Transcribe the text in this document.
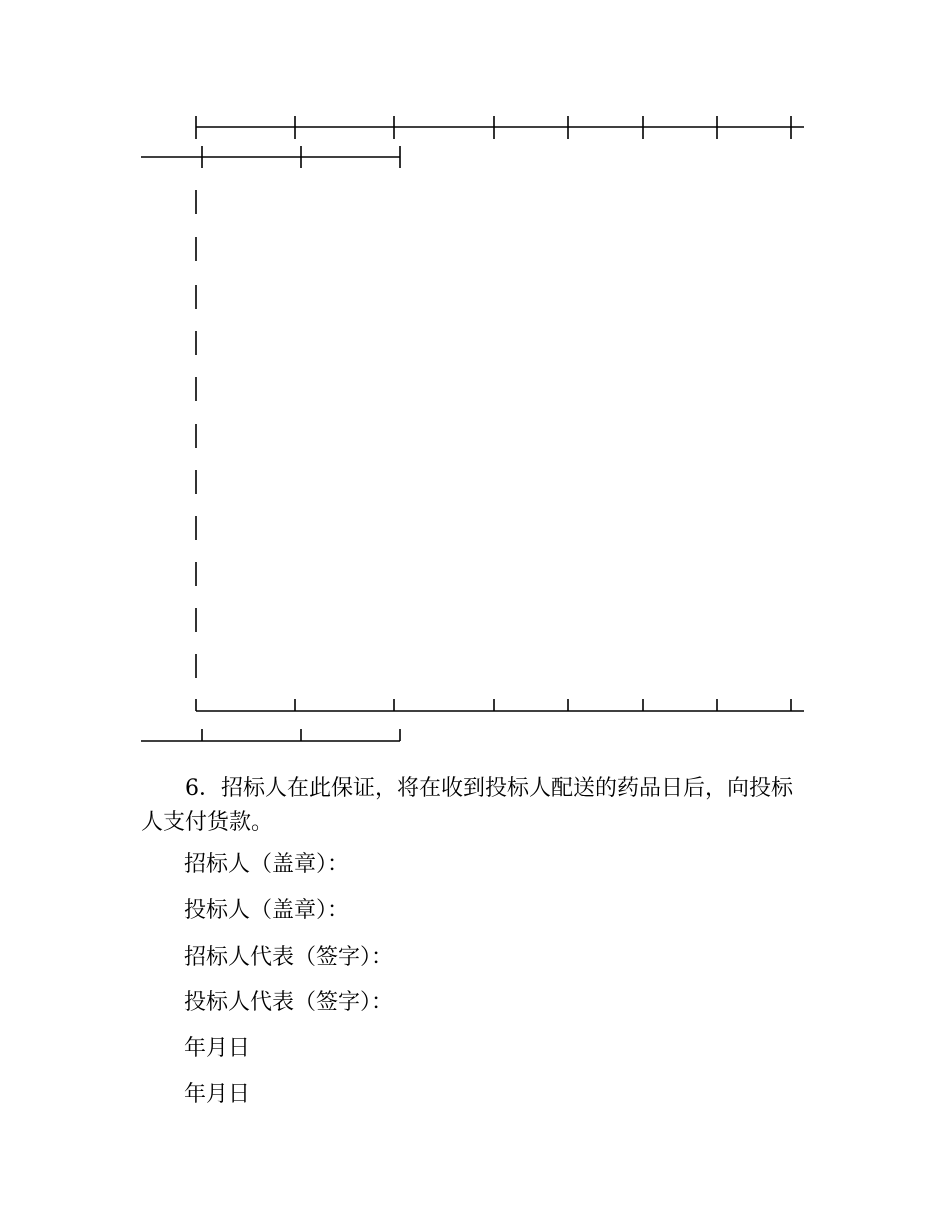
6．招标人在此保证，将在收到投标人配送的药品日后，向投标人支付货款。

招标人（盖章）：

投标人（盖章）：

招标人代表（签字）：

投标人代表（签字）：

年月日

年月日
